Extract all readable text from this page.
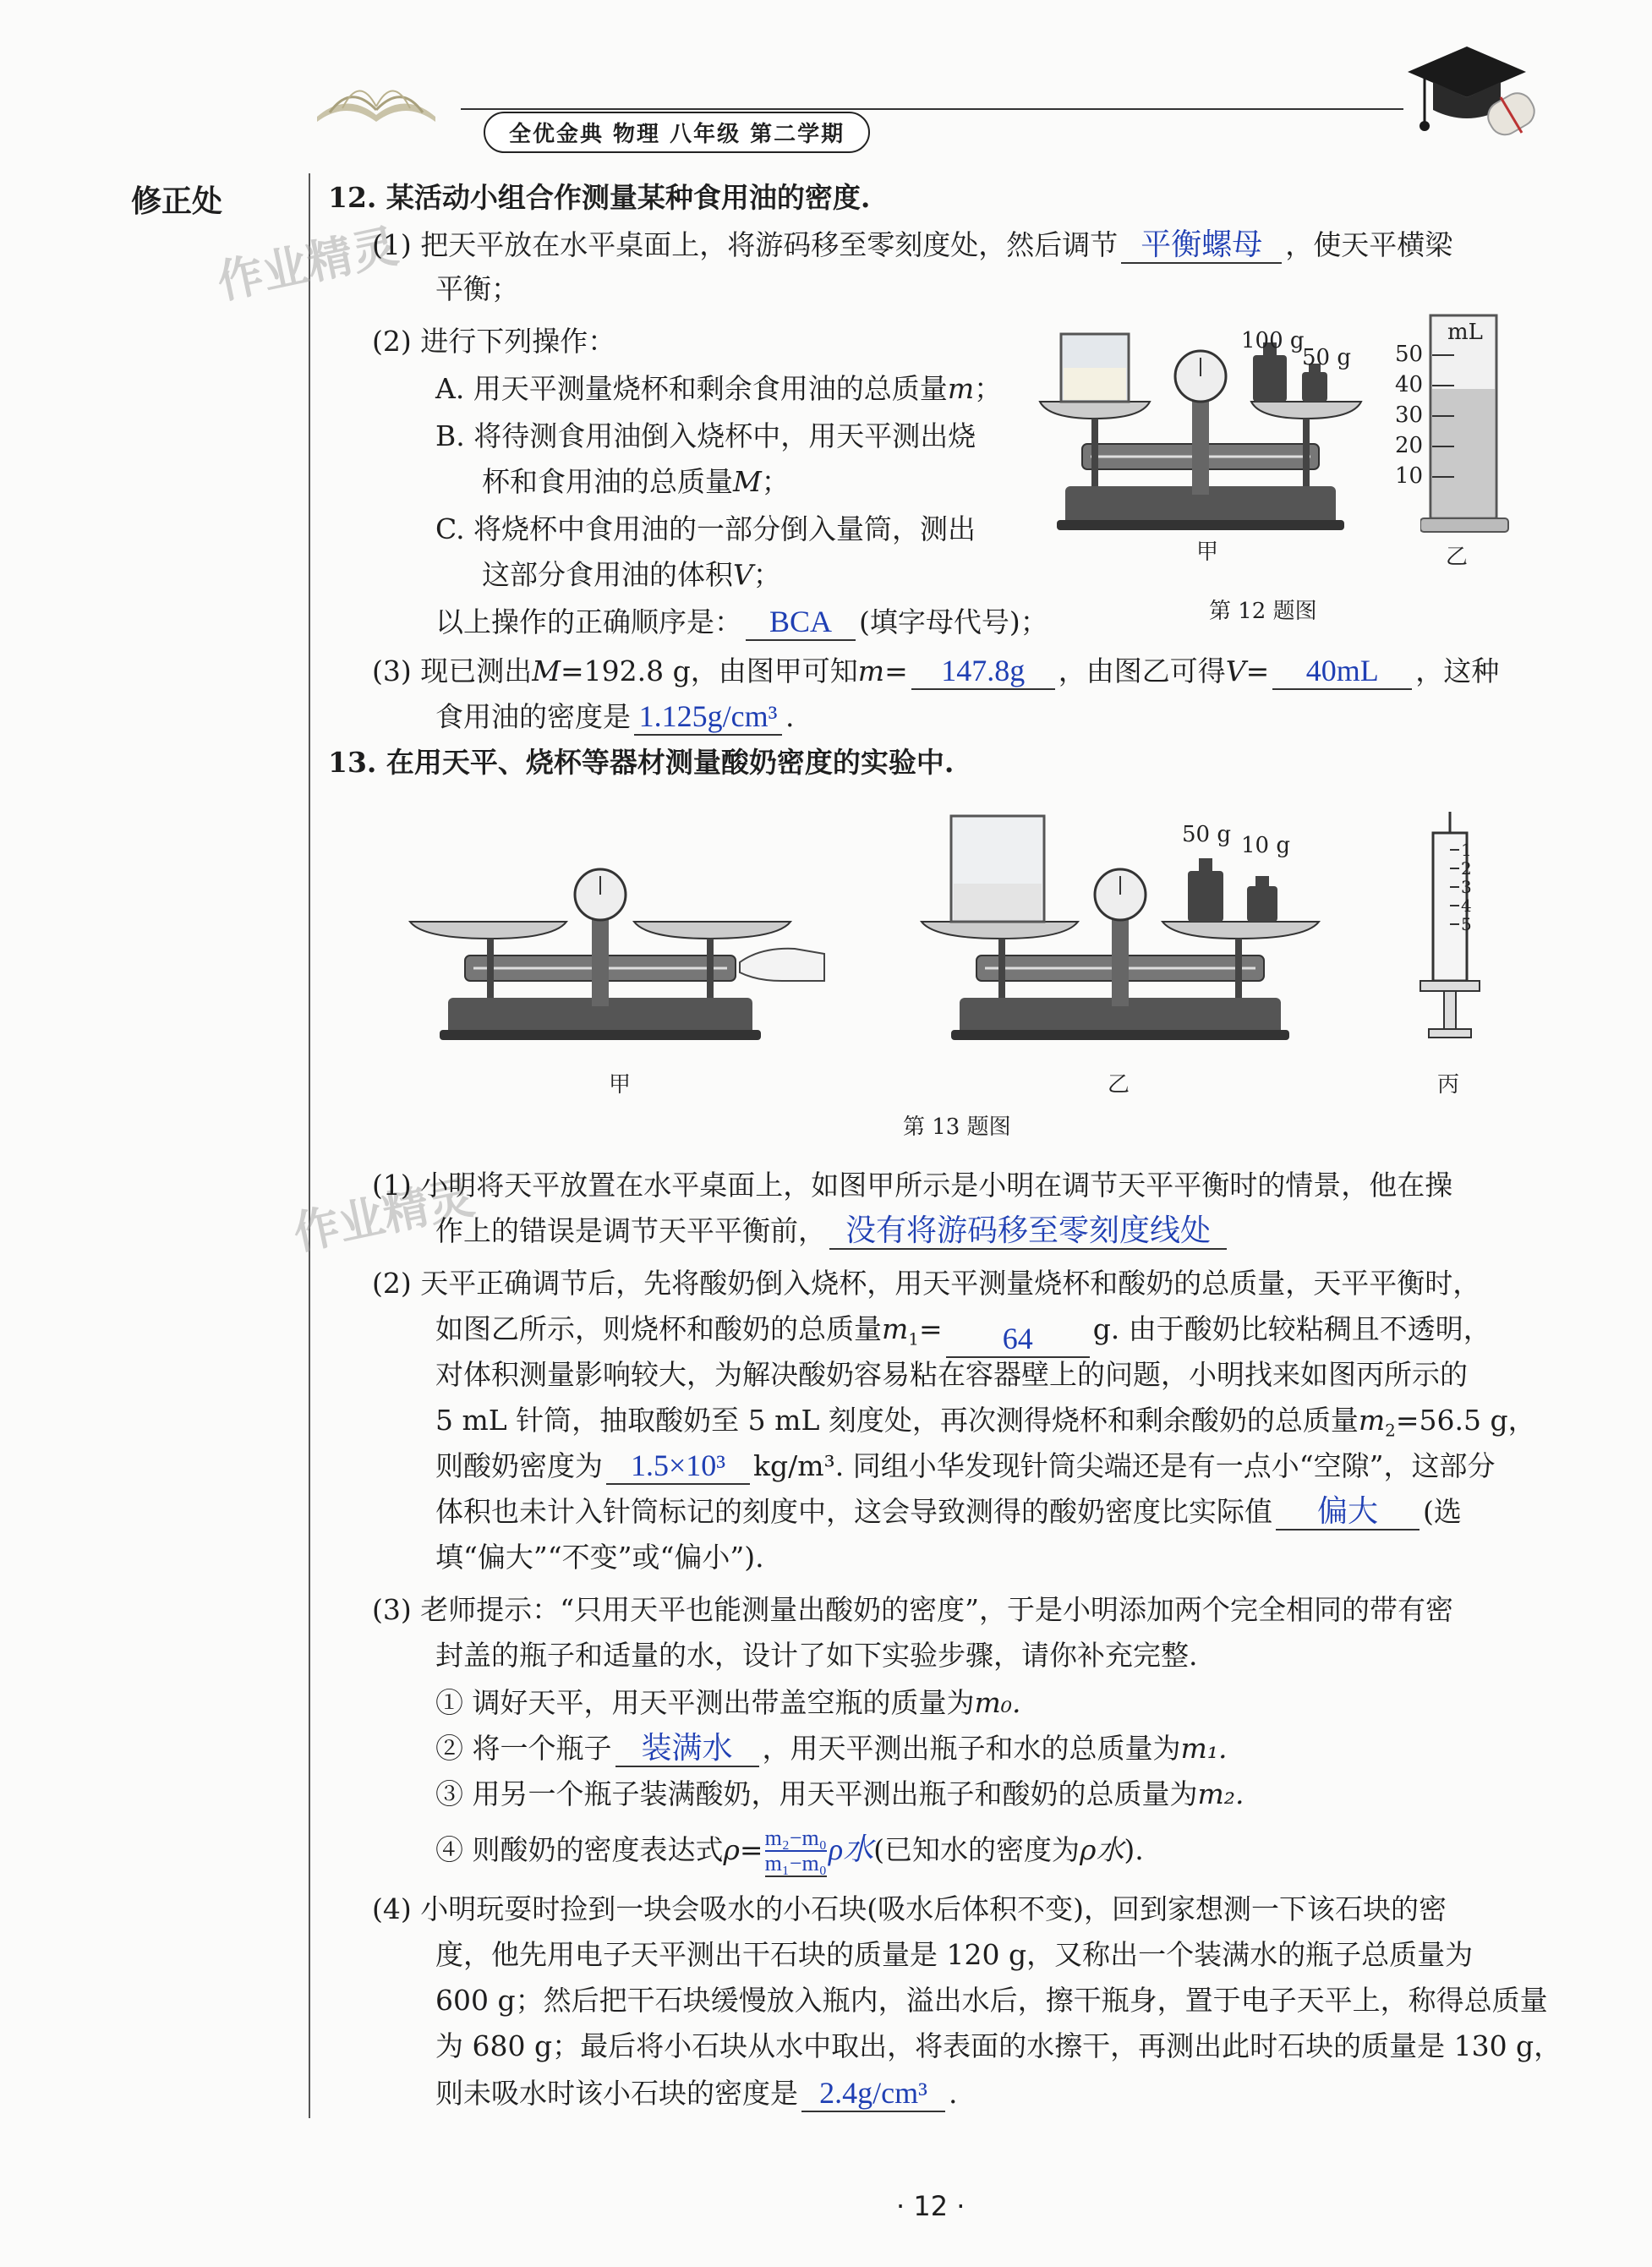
全优金典 物理 八年级 第二学期
修正处
作业精灵
作业精灵
12. 某活动小组合作测量某种食用油的密度.
(1) 把天平放在水平桌面上，将游码移至零刻度处，然后调节 平衡螺母 ，使天平横梁
平衡；
(2) 进行下列操作：
A. 用天平测量烧杯和剩余食用油的总质量m；
B. 将待测食用油倒入烧杯中，用天平测出烧
杯和食用油的总质量M；
C. 将烧杯中食用油的一部分倒入量筒，测出
这部分食用油的体积V；
以上操作的正确顺序是： BCA (填字母代号)；
(3) 现已测出M=192.8 g，由图甲可知m= 147.8g ，由图乙可得V= 40mL ，这种
食用油的密度是 1.125g/cm³ .
100 g
50 g
mL
50
40
30
20
10
甲	乙
第 12 题图
13. 在用天平、烧杯等器材测量酸奶密度的实验中.
50 g 10 g	1
2
3
4
5
甲	乙	丙
第 13 题图
(1) 小明将天平放置在水平桌面上，如图甲所示是小明在调节天平平衡时的情景，他在操
作上的错误是调节天平平衡前， 没有将游码移至零刻度线处
(2) 天平正确调节后，先将酸奶倒入烧杯，用天平测量烧杯和酸奶的总质量，天平平衡时，
如图乙所示，则烧杯和酸奶的总质量$m_1= 64$ g. 由于酸奶比较粘稠且不透明，
对体积测量影响较大，为解决酸奶容易粘在容器壁上的问题，小明找来如图丙所示的
5 mL 针筒，抽取酸奶至 5 mL 刻度处，再次测得烧杯和剩余酸奶的总质量$m_2=56.5$ g，
则酸奶密度为 1.5×10³ kg/m³. 同组小华发现针筒尖端还是有一点小“空隙”，这部分
体积也未计入针筒标记的刻度中，这会导致测得的酸奶密度比实际值 偏大 (选
填“偏大”“不变”或“偏小”).
(3) 老师提示：“只用天平也能测量出酸奶的密度”，于是小明添加两个完全相同的带有密
封盖的瓶子和适量的水，设计了如下实验步骤，请你补充完整.
① 调好天平，用天平测出带盖空瓶的质量为m₀.
② 将一个瓶子 装满水 ，用天平测出瓶子和水的总质量为m₁.
③ 用另一个瓶子装满酸奶，用天平测出瓶子和酸奶的总质量为m₂.
④ 则酸奶的密度表达式$\rho= \frac{\text{m₂−m₀}}{\text{m₁−m₀}}$ ρ水(已知水的密度为ρ水).
(4) 小明玩耍时捡到一块会吸水的小石块(吸水后体积不变)，回到家想测一下该石块的密
度，他先用电子天平测出干石块的质量是 120 g，又称出一个装满水的瓶子总质量为
600 g；然后把干石块缓慢放入瓶内，溢出水后，擦干瓶身，置于电子天平上，称得总质量
为 680 g；最后将小石块从水中取出，将表面的水擦干，再测出此时石块的质量是 130 g，
则未吸水时该小石块的密度是 2.4g/cm³ .
· 12 ·
